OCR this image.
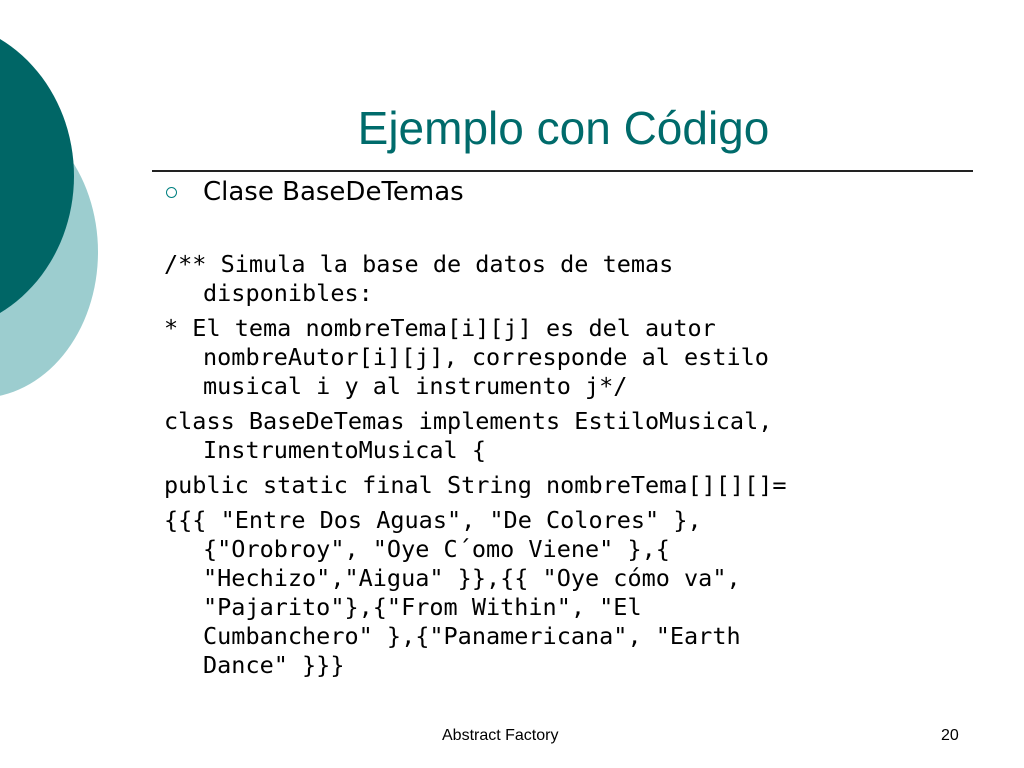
Ejemplo con Código
Clase BaseDeTemas
/** Simula la base de datos de temas
disponibles:
* El tema nombreTema[i][j] es del autor
nombreAutor[i][j], corresponde al estilo
musical i y al instrumento j*/
class BaseDeTemas implements EstiloMusical,
InstrumentoMusical {
public static final String nombreTema[][][]=
{{{ "Entre Dos Aguas", "De Colores" },
{"Orobroy", "Oye C´omo Viene" },{
"Hechizo","Aigua" }},{{ "Oye cómo va",
"Pajarito"},{"From Within", "El
Cumbanchero" },{"Panamericana", "Earth
Dance" }}}
Abstract Factory	20
